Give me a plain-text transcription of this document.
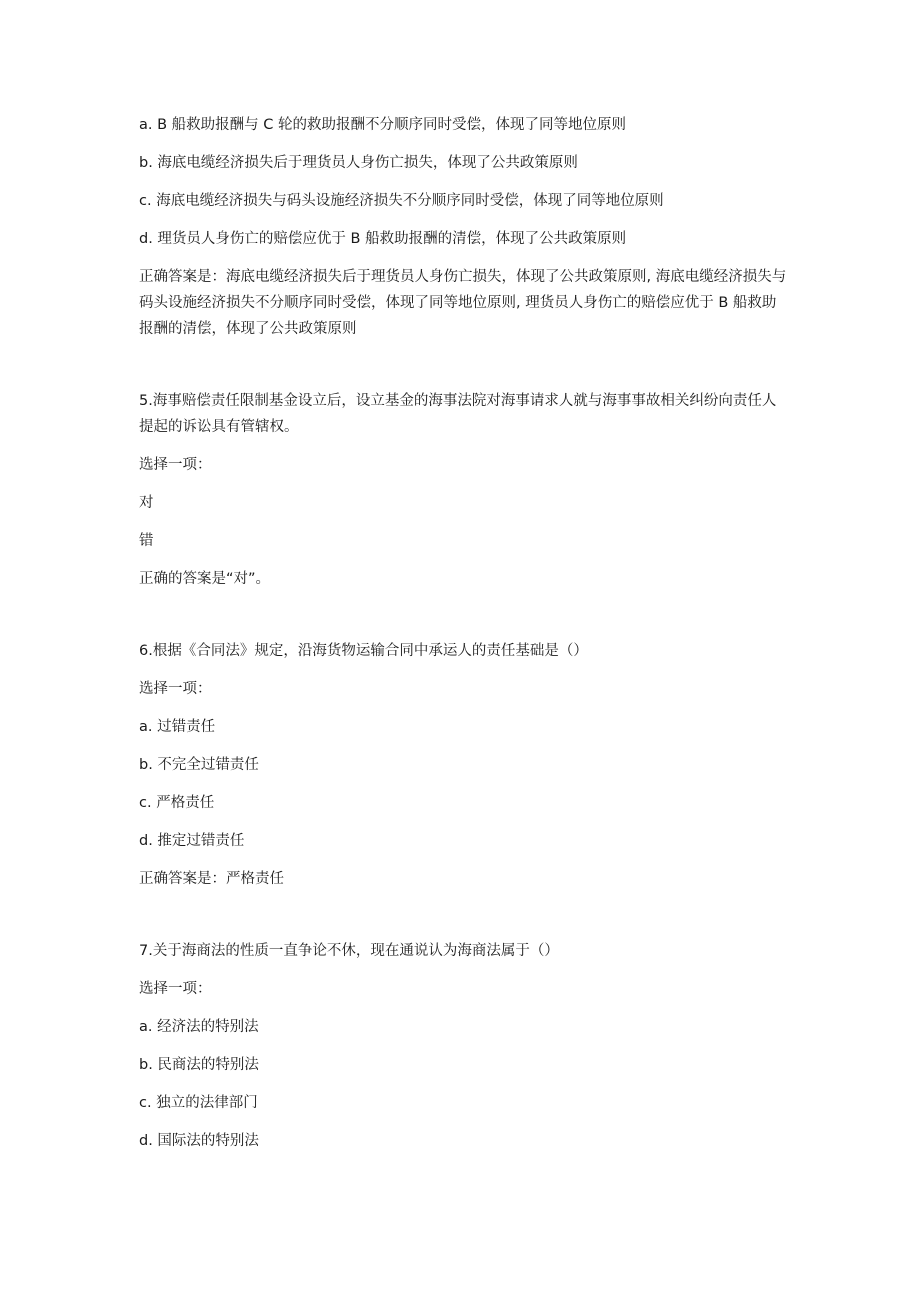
a. B 船救助报酬与 C 轮的救助报酬不分顺序同时受偿，体现了同等地位原则

b. 海底电缆经济损失后于理货员人身伤亡损失，体现了公共政策原则

c. 海底电缆经济损失与码头设施经济损失不分顺序同时受偿，体现了同等地位原则

d. 理货员人身伤亡的赔偿应优于 B 船救助报酬的清偿，体现了公共政策原则

正确答案是：海底电缆经济损失后于理货员人身伤亡损失，体现了公共政策原则, 海底电缆经济损失与码头设施经济损失不分顺序同时受偿，体现了同等地位原则, 理货员人身伤亡的赔偿应优于 B 船救助报酬的清偿，体现了公共政策原则

5.海事赔偿责任限制基金设立后，设立基金的海事法院对海事请求人就与海事事故相关纠纷向责任人提起的诉讼具有管辖权。

选择一项：

对

错

正确的答案是“对”。

6.根据《合同法》规定，沿海货物运输合同中承运人的责任基础是（）

选择一项：

a. 过错责任

b. 不完全过错责任

c. 严格责任

d. 推定过错责任

正确答案是：严格责任

7.关于海商法的性质一直争论不休，现在通说认为海商法属于（）

选择一项：

a. 经济法的特别法

b. 民商法的特别法

c. 独立的法律部门

d. 国际法的特别法
